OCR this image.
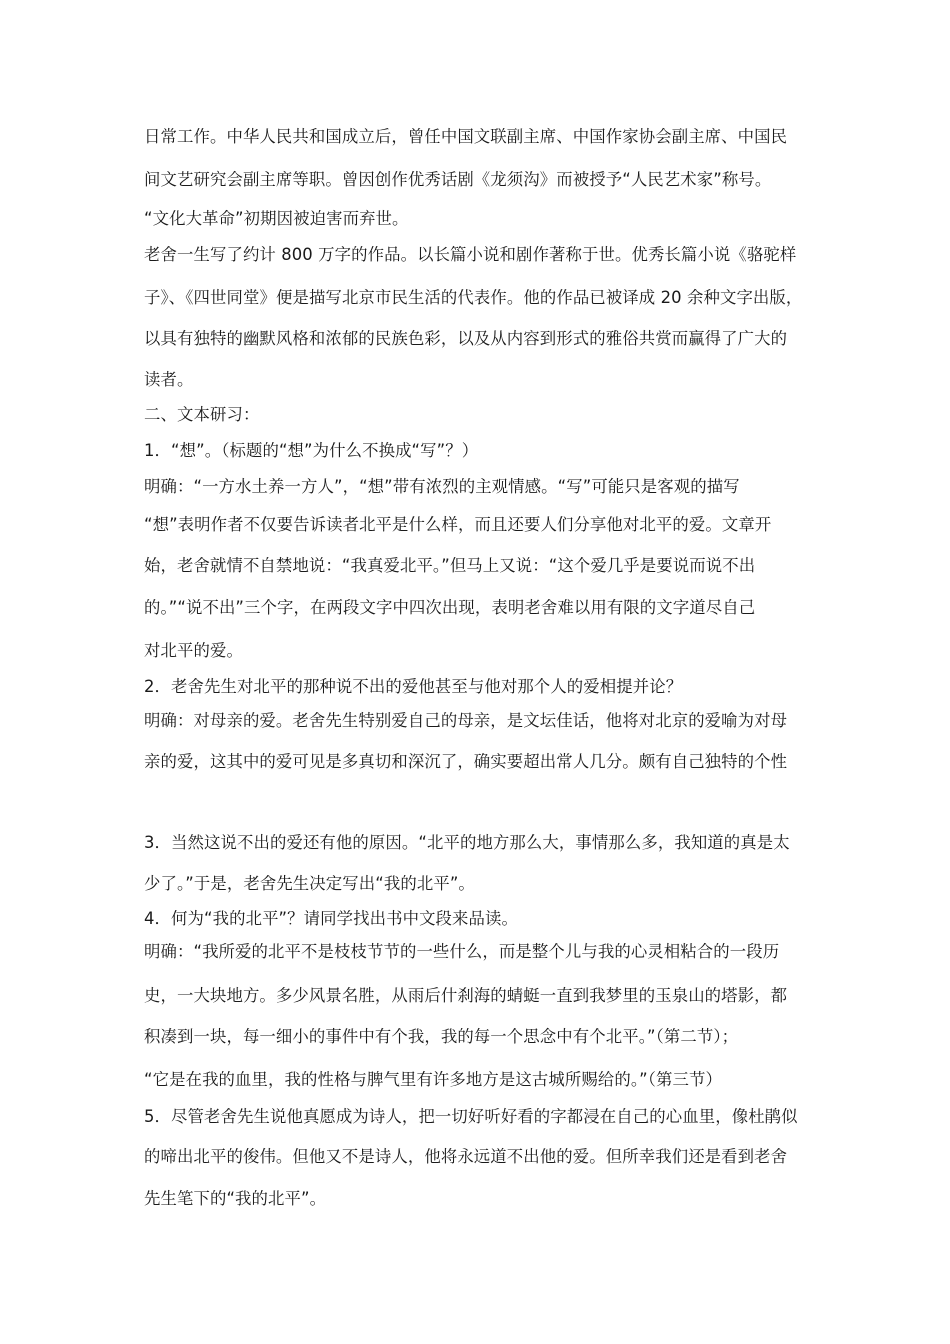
日常工作。中华人民共和国成立后，曾任中国文联副主席、中国作家协会副主席、中国民
间文艺研究会副主席等职。曾因创作优秀话剧《龙须沟》而被授予“人民艺术家”称号。
“文化大革命”初期因被迫害而弃世。
老舍一生写了约计 800 万字的作品。以长篇小说和剧作著称于世。优秀长篇小说《骆驼样
子》、《四世同堂》便是描写北京市民生活的代表作。他的作品已被译成 20 余种文字出版，
以具有独特的幽默风格和浓郁的民族色彩，以及从内容到形式的雅俗共赏而赢得了广大的
读者。
二、文本研习：
1．“想”。（标题的“想”为什么不换成“写”？）
明确：“一方水土养一方人”，“想”带有浓烈的主观情感。“写”可能只是客观的描写
“想”表明作者不仅要告诉读者北平是什么样，而且还要人们分享他对北平的爱。文章开
始，老舍就情不自禁地说：“我真爱北平。”但马上又说：“这个爱几乎是要说而说不出
的。”“说不出”三个字，在两段文字中四次出现，表明老舍难以用有限的文字道尽自己
对北平的爱。
2．老舍先生对北平的那种说不出的爱他甚至与他对那个人的爱相提并论？
明确：对母亲的爱。老舍先生特别爱自己的母亲，是文坛佳话，他将对北京的爱喻为对母
亲的爱，这其中的爱可见是多真切和深沉了，确实要超出常人几分。颇有自己独特的个性
3．当然这说不出的爱还有他的原因。“北平的地方那么大，事情那么多，我知道的真是太
少了。”于是，老舍先生决定写出“我的北平”。
4．何为“我的北平”？请同学找出书中文段来品读。
明确：“我所爱的北平不是枝枝节节的一些什么，而是整个儿与我的心灵相粘合的一段历
史，一大块地方。多少风景名胜，从雨后什刹海的蜻蜓一直到我梦里的玉泉山的塔影，都
积凑到一块，每一细小的事件中有个我，我的每一个思念中有个北平。”（第二节）；
“它是在我的血里，我的性格与脾气里有许多地方是这古城所赐给的。”（第三节）
5．尽管老舍先生说他真愿成为诗人，把一切好听好看的字都浸在自己的心血里，像杜鹃似
的啼出北平的俊伟。但他又不是诗人，他将永远道不出他的爱。但所幸我们还是看到老舍
先生笔下的“我的北平”。
